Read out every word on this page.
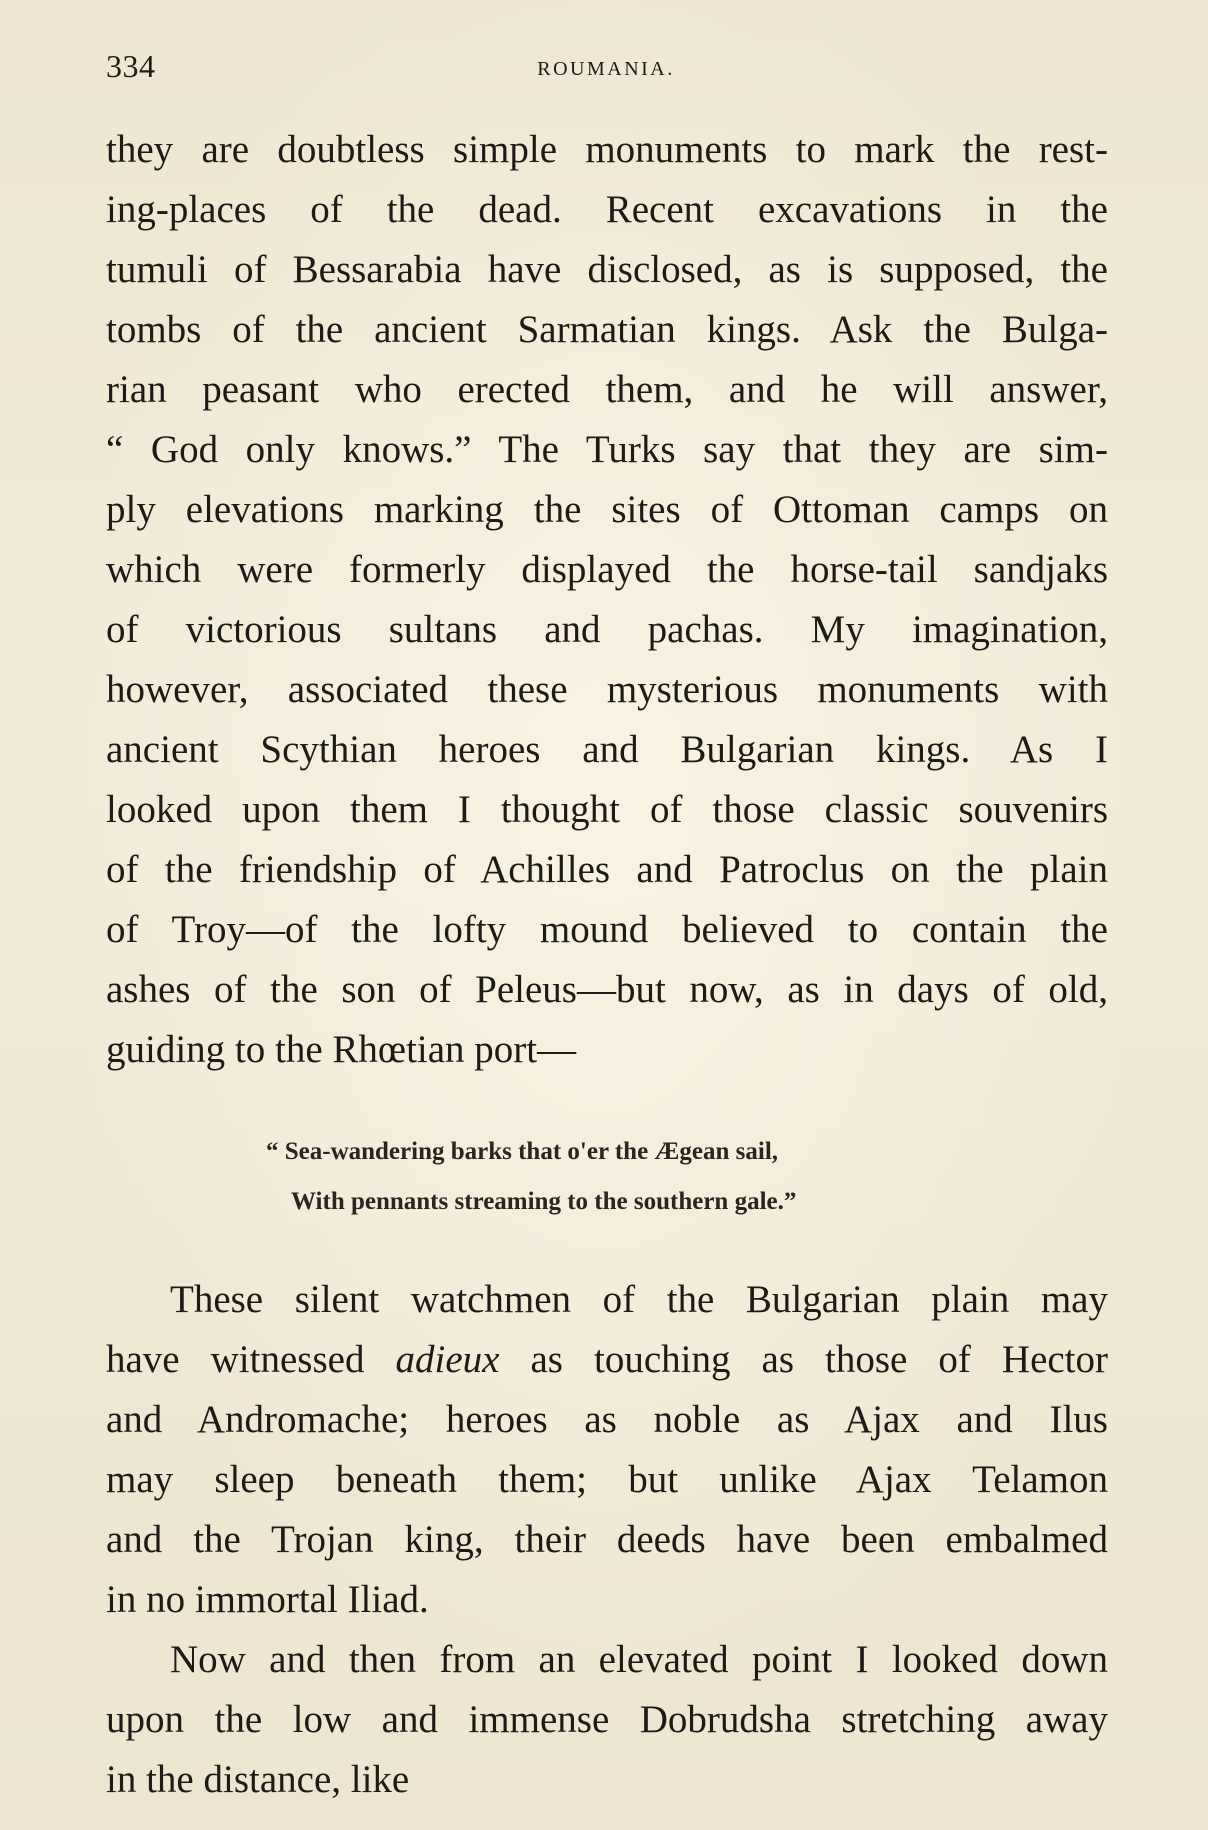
334	ROUMANIA.
they are doubtless simple monuments to mark the rest-
ing-places of the dead. Recent excavations in the
tumuli of Bessarabia have disclosed, as is supposed, the
tombs of the ancient Sarmatian kings. Ask the Bulga-
rian peasant who erected them, and he will answer,
“ God only knows.” The Turks say that they are sim-
ply elevations marking the sites of Ottoman camps on
which were formerly displayed the horse-tail sandjaks
of victorious sultans and pachas. My imagination,
however, associated these mysterious monuments with
ancient Scythian heroes and Bulgarian kings. As I
looked upon them I thought of those classic souvenirs
of the friendship of Achilles and Patroclus on the plain
of Troy—of the lofty mound believed to contain the
ashes of the son of Peleus—but now, as in days of old,
guiding to the Rhœtian port—
“ Sea-wandering barks that o'er the Ægean sail,
With pennants streaming to the southern gale.”
These silent watchmen of the Bulgarian plain may
have witnessed adieux as touching as those of Hector
and Andromache; heroes as noble as Ajax and Ilus
may sleep beneath them; but unlike Ajax Telamon
and the Trojan king, their deeds have been embalmed
in no immortal Iliad.
Now and then from an elevated point I looked down
upon the low and immense Dobrudsha stretching away
in the distance, like
